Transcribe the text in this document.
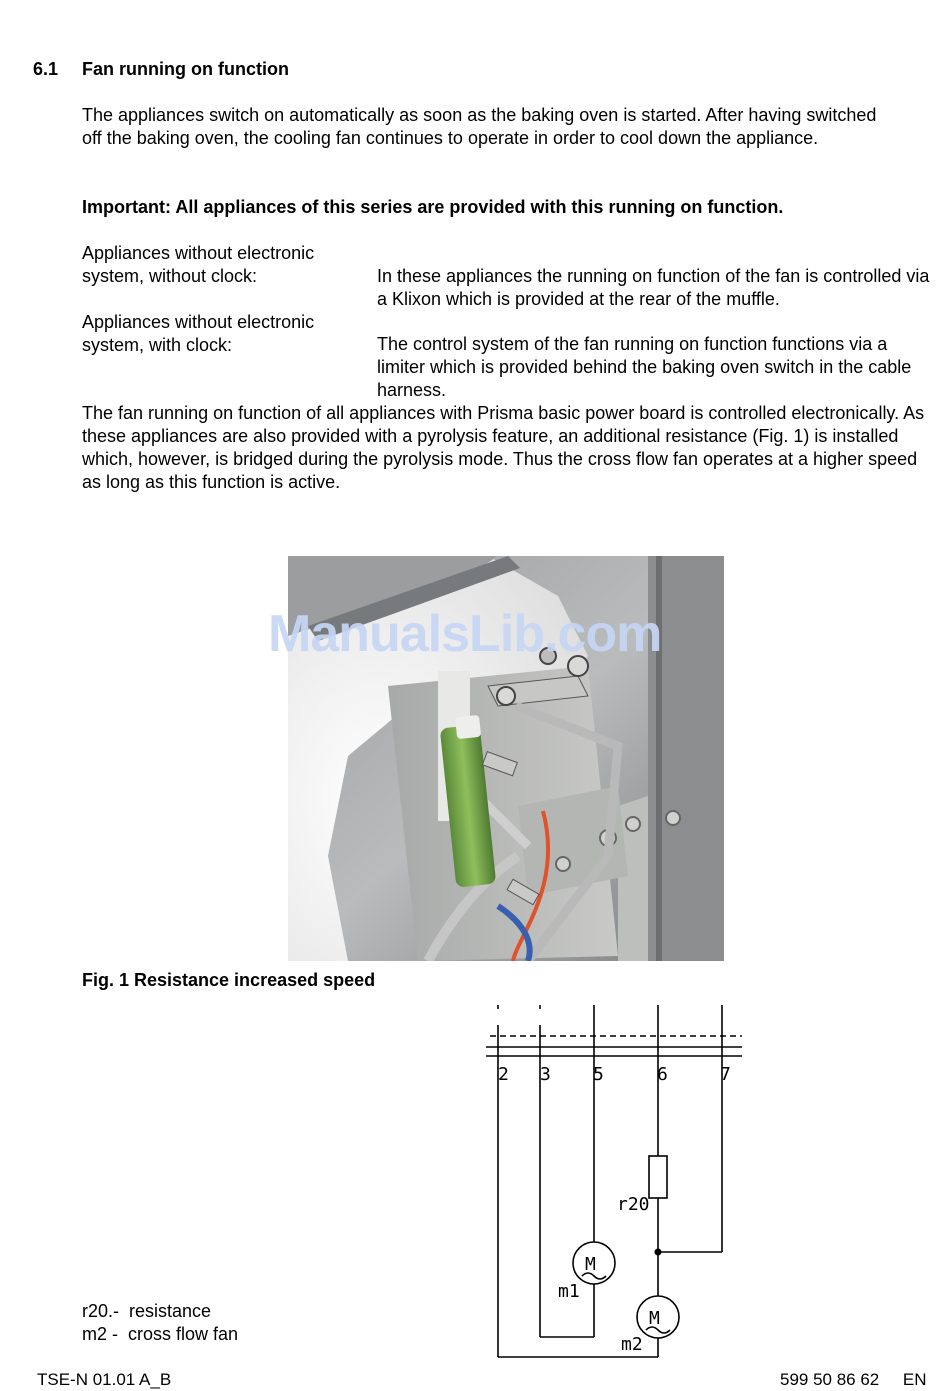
6.1 Fan running on function
The appliances switch on automatically as soon as the baking oven is started. After having switched off the baking oven, the cooling fan continues to operate in order to cool down the appliance.
Important: All appliances of this series are provided with this running on function.
Appliances without electronic system, without clock:	In these appliances the running on function of the fan is controlled via a Klixon which is provided at the rear of the muffle.
Appliances without electronic system, with clock:	The control system of the fan running on function functions via a limiter which is provided behind the baking oven switch in the cable harness.
The fan running on function of all appliances with Prisma basic power board is controlled electronically. As these appliances are also provided with a pyrolysis feature, an additional resistance (Fig. 1) is installed which, however, is bridged during the pyrolysis mode. Thus the cross flow fan operates at a higher speed as long as this function is active.
ManualsLib.com
Fig. 1 Resistance increased speed
2 3 5	6	7
r20
M
M
m1
m2
r20.- resistance
m2 - cross flow fan
TSE-N 01.01 A_B	599 50 86 62     EN
